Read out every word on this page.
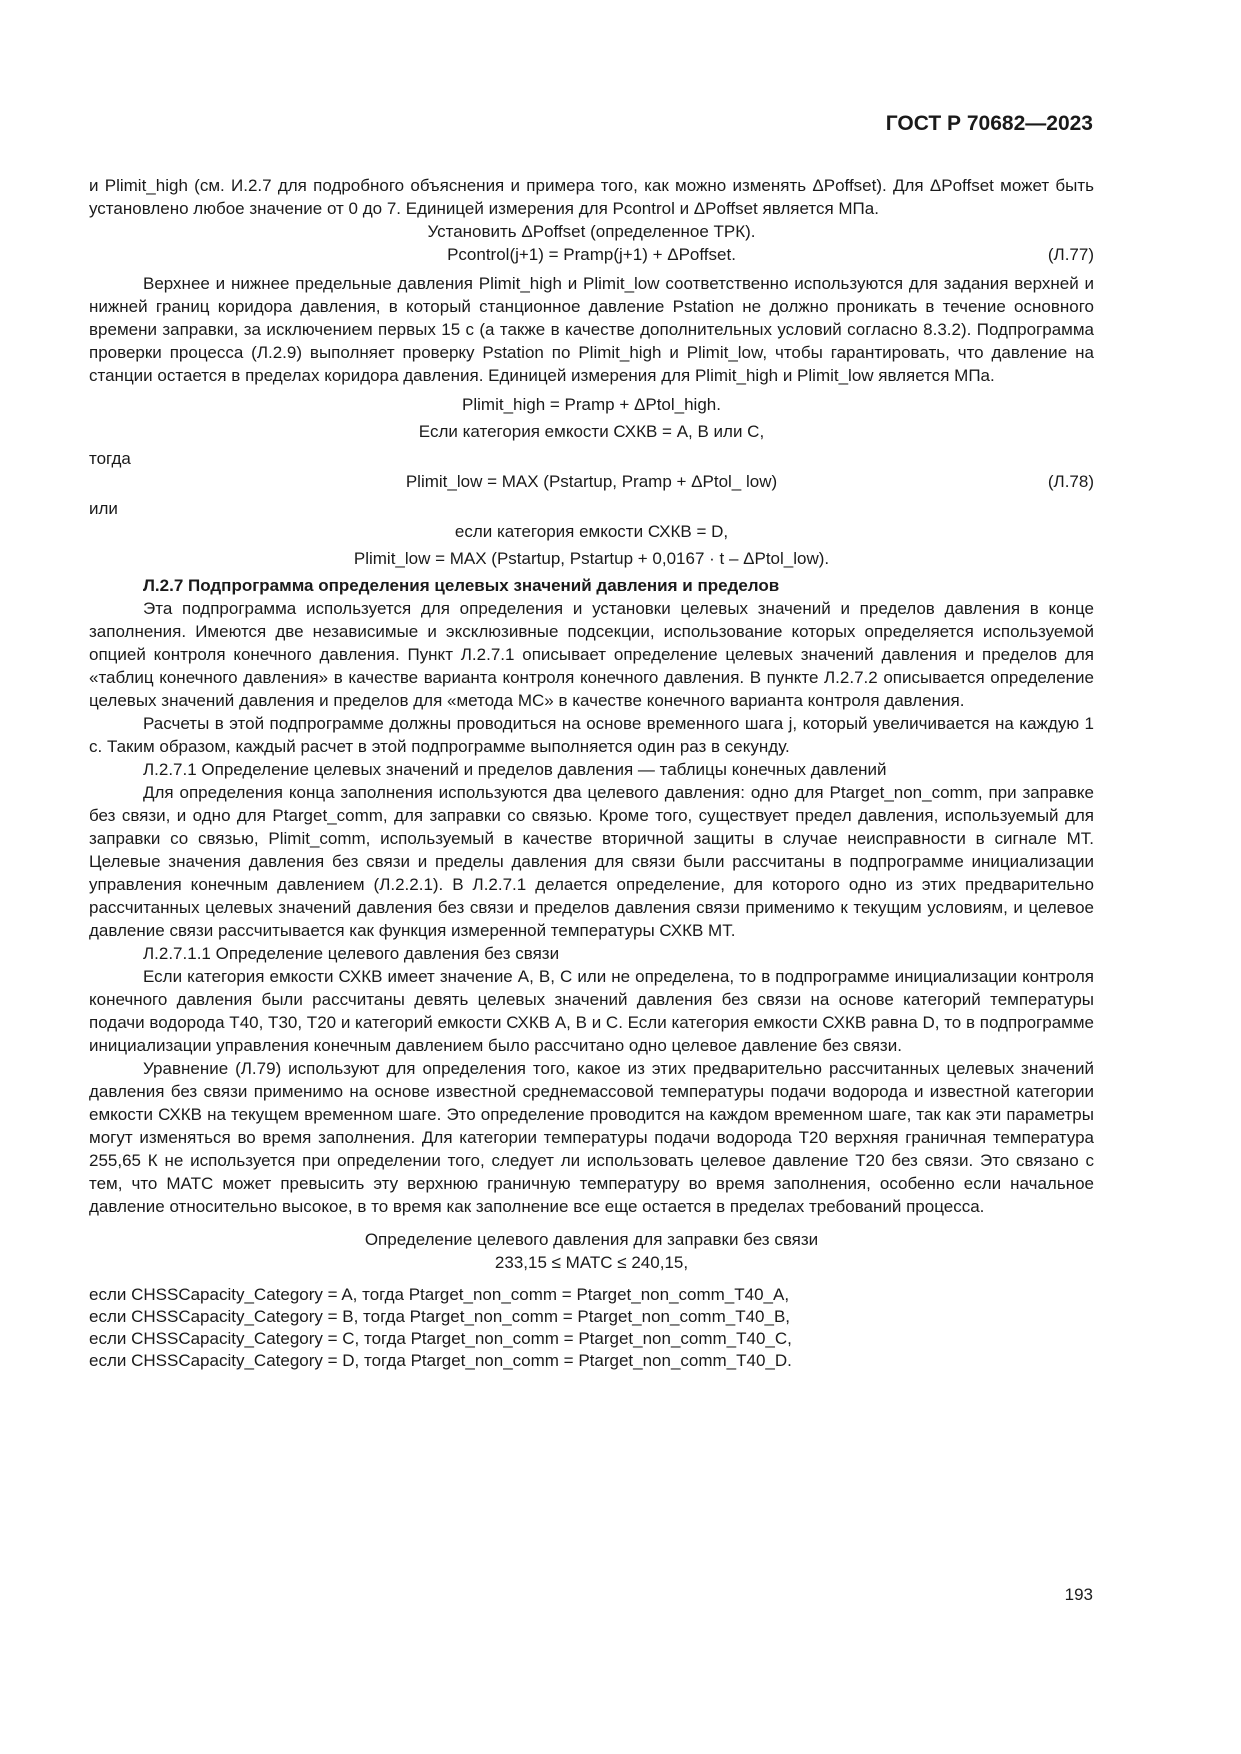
ГОСТ Р 70682—2023

и Plimit_high (см. И.2.7 для подробного объяснения и примера того, как можно изменять ΔPoffset). Для ΔPoffset может быть установлено любое значение от 0 до 7. Единицей измерения для Pcontrol и ΔPoffset является МПа.

Установить ΔPoffset (определенное ТРК).

Pcontrol(j+1) = Pramp(j+1) + ΔPoffset.	(Л.77)

Верхнее и нижнее предельные давления Plimit_high и Plimit_low соответственно используются для задания верхней и нижней границ коридора давления, в который станционное давление Pstation не должно проникать в течение основного времени заправки, за исключением первых 15 с (а также в качестве дополнительных условий согласно 8.3.2). Подпрограмма проверки процесса (Л.2.9) выполняет проверку Pstation по Plimit_high и Plimit_low, чтобы гарантировать, что давление на станции остается в пределах коридора давления. Единицей измерения для Plimit_high и Plimit_low является МПа.

Plimit_high = Pramp + ΔPtol_high.

Если категория емкости СХКВ = A, B или C,

тогда

Plimit_low = MAX (Pstartup, Pramp + ΔPtol_ low)	(Л.78)

или

если категория емкости СХКВ = D,

Plimit_low = MAX (Pstartup, Pstartup + 0,0167 · t – ΔPtol_low).

Л.2.7 Подпрограмма определения целевых значений давления и пределов

Эта подпрограмма используется для определения и установки целевых значений и пределов давления в конце заполнения. Имеются две независимые и эксклюзивные подсекции, использование которых определяется используемой опцией контроля конечного давления. Пункт Л.2.7.1 описывает определение целевых значений давления и пределов для «таблиц конечного давления» в качестве варианта контроля конечного давления. В пункте Л.2.7.2 описывается определение целевых значений давления и пределов для «метода МС» в качестве конечного варианта контроля давления.

Расчеты в этой подпрограмме должны проводиться на основе временного шага j, который увеличивается на каждую 1 с. Таким образом, каждый расчет в этой подпрограмме выполняется один раз в секунду.

Л.2.7.1 Определение целевых значений и пределов давления — таблицы конечных давлений

Для определения конца заполнения используются два целевого давления: одно для Ptarget_non_comm, при заправке без связи, и одно для Ptarget_comm, для заправки со связью. Кроме того, существует предел давления, используемый для заправки со связью, Plimit_comm, используемый в качестве вторичной защиты в случае неисправности в сигнале МТ. Целевые значения давления без связи и пределы давления для связи были рассчитаны в подпрограмме инициализации управления конечным давлением (Л.2.2.1). В Л.2.7.1 делается определение, для которого одно из этих предварительно рассчитанных целевых значений давления без связи и пределов давления связи применимо к текущим условиям, и целевое давление связи рассчитывается как функция измеренной температуры СХКВ МТ.

Л.2.7.1.1 Определение целевого давления без связи

Если категория емкости СХКВ имеет значение A, B, C или не определена, то в подпрограмме инициализации контроля конечного давления были рассчитаны девять целевых значений давления без связи на основе категорий температуры подачи водорода Т40, Т30, Т20 и категорий емкости СХКВ A, B и C. Если категория емкости СХКВ равна D, то в подпрограмме инициализации управления конечным давлением было рассчитано одно целевое давление без связи.

Уравнение (Л.79) используют для определения того, какое из этих предварительно рассчитанных целевых значений давления без связи применимо на основе известной среднемассовой температуры подачи водорода и известной категории емкости СХКВ на текущем временном шаге. Это определение проводится на каждом временном шаге, так как эти параметры могут изменяться во время заполнения. Для категории температуры подачи водорода Т20 верхняя граничная температура 255,65 К не используется при определении того, следует ли использовать целевое давление Т20 без связи. Это связано с тем, что MATC может превысить эту верхнюю граничную температуру во время заполнения, особенно если начальное давление относительно высокое, в то время как заполнение все еще остается в пределах требований процесса.

Определение целевого давления для заправки без связи

233,15 ≤ MATC ≤ 240,15,

если CHSSCapacity_Category = A, тогда Ptarget_non_comm = Ptarget_non_comm_T40_A,

если CHSSCapacity_Category = B, тогда Ptarget_non_comm = Ptarget_non_comm_T40_B,

если CHSSCapacity_Category = C, тогда Ptarget_non_comm = Ptarget_non_comm_T40_C,

если CHSSCapacity_Category = D, тогда Ptarget_non_comm = Ptarget_non_comm_T40_D.

193
